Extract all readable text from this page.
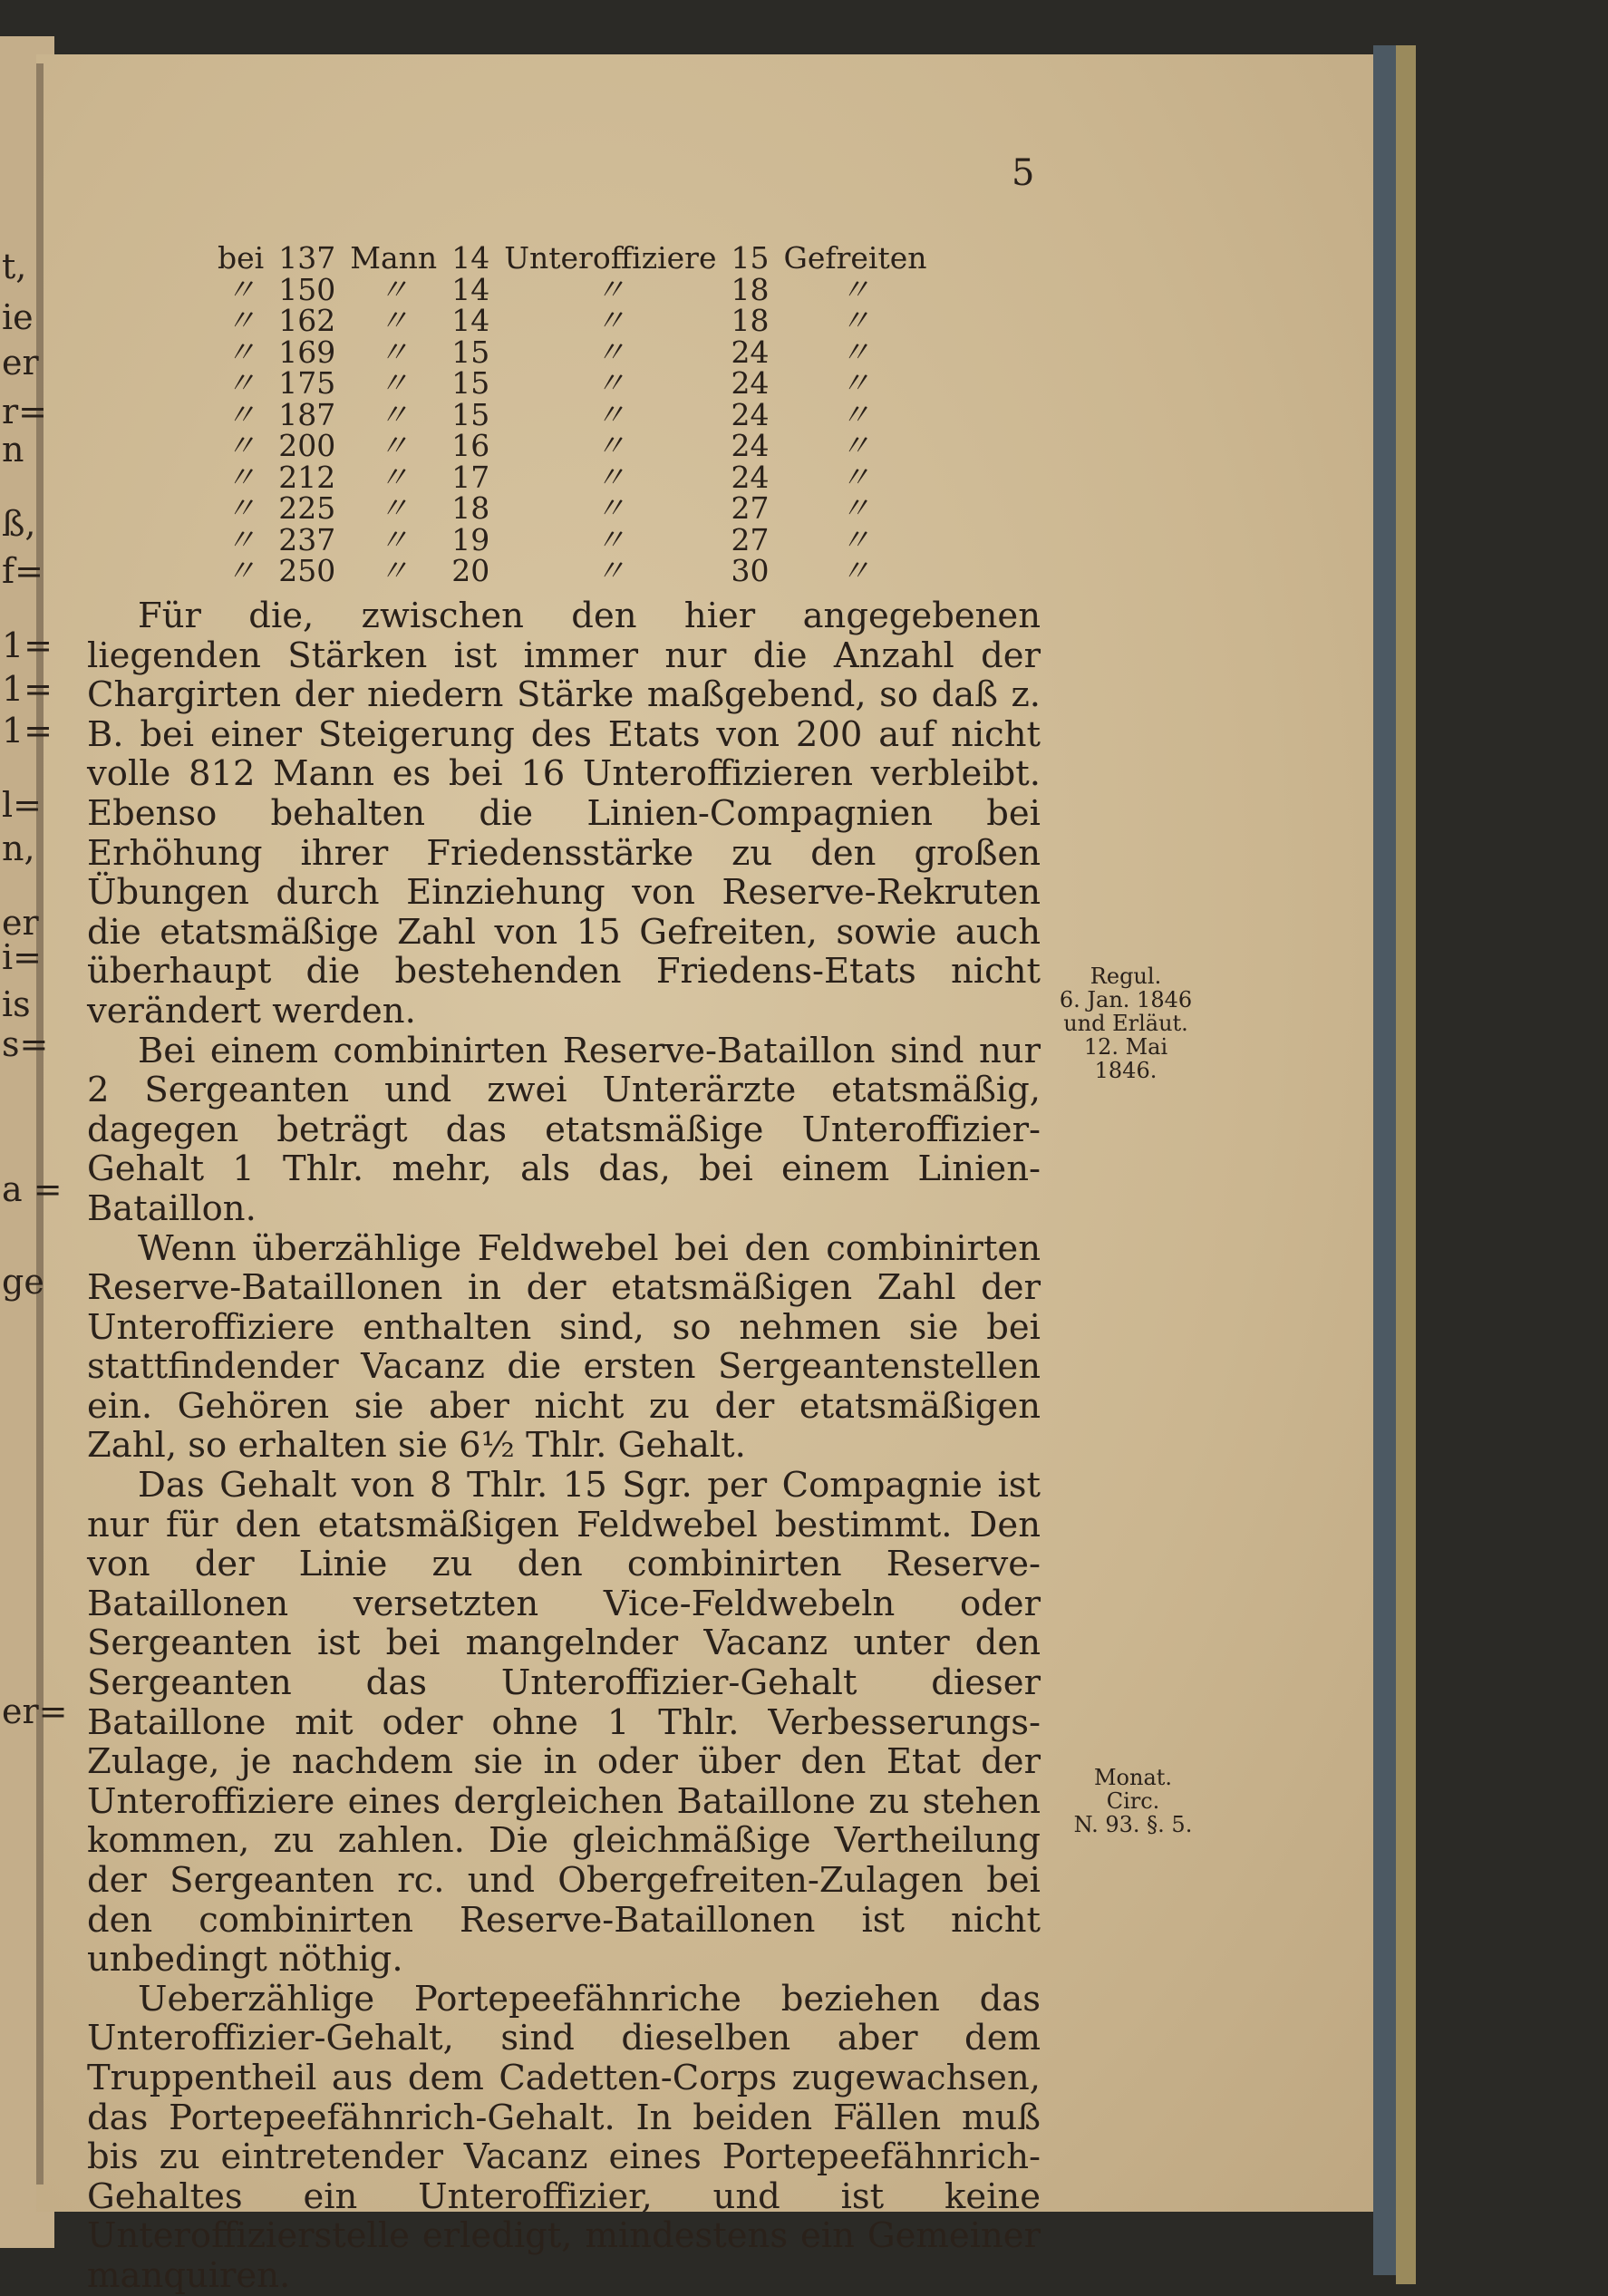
t,
ie
er
r=
n
ß,
f=
1=
1=
1=
l=
n,
er
i=
is
s=
a =
ge
er=
5
bei	137	Mann	14	Unteroffiziere	15	Gefreiten
〃	150	〃	14	〃	18	〃
〃	162	〃	14	〃	18	〃
〃	169	〃	15	〃	24	〃
〃	175	〃	15	〃	24	〃
〃	187	〃	15	〃	24	〃
〃	200	〃	16	〃	24	〃
〃	212	〃	17	〃	24	〃
〃	225	〃	18	〃	27	〃
〃	237	〃	19	〃	27	〃
〃	250	〃	20	〃	30	〃

Für die, zwischen den hier angegebenen liegenden Stärken ist immer nur die Anzahl der Chargirten der niedern Stärke maßgebend, so daß z. B. bei einer Steigerung des Etats von 200 auf nicht volle 812 Mann es bei 16 Unteroffizieren verbleibt. Ebenso behalten die Linien-Compagnien bei Erhöhung ihrer Friedensstärke zu den großen Übungen durch Einziehung von Reserve-Rekruten die etatsmäßige Zahl von 15 Gefreiten, sowie auch überhaupt die bestehenden Friedens-Etats nicht verändert werden.

Bei einem combinirten Reserve-Bataillon sind nur 2 Sergeanten und zwei Unterärzte etatsmäßig, dagegen beträgt das etatsmäßige Unteroffizier-Gehalt 1 Thlr. mehr, als das, bei einem Linien-Bataillon.

Wenn überzählige Feldwebel bei den combinirten Reserve-Bataillonen in der etatsmäßigen Zahl der Unteroffiziere enthalten sind, so nehmen sie bei stattfindender Vacanz die ersten Sergeantenstellen ein. Gehören sie aber nicht zu der etatsmäßigen Zahl, so erhalten sie 6½ Thlr. Gehalt.

Das Gehalt von 8 Thlr. 15 Sgr. per Compagnie ist nur für den etatsmäßigen Feldwebel bestimmt. Den von der Linie zu den combinirten Reserve-Bataillonen versetzten Vice-Feldwebeln oder Sergeanten ist bei mangelnder Vacanz unter den Sergeanten das Unteroffizier-Gehalt dieser Bataillone mit oder ohne 1 Thlr. Verbesserungs-Zulage, je nachdem sie in oder über den Etat der Unteroffiziere eines dergleichen Bataillone zu stehen kommen, zu zahlen. Die gleichmäßige Vertheilung der Sergeanten rc. und Obergefreiten-Zulagen bei den combinirten Reserve-Bataillonen ist nicht unbedingt nöthig.

Ueberzählige Portepeefähnriche beziehen das Unteroffizier-Gehalt, sind dieselben aber dem Truppentheil aus dem Cadetten-Corps zugewachsen, das Portepeefähnrich-Gehalt. In beiden Fällen muß bis zu eintretender Vacanz eines Portepeefähnrich-Gehaltes ein Unteroffizier, und ist keine Unteroffizierstelle erledigt, mindestens ein Gemeiner manquiren.

Regul.
6. Jan. 1846
und Erläut.
12. Mai
1846.
Monat.
Circ.
N. 93. §. 5.
